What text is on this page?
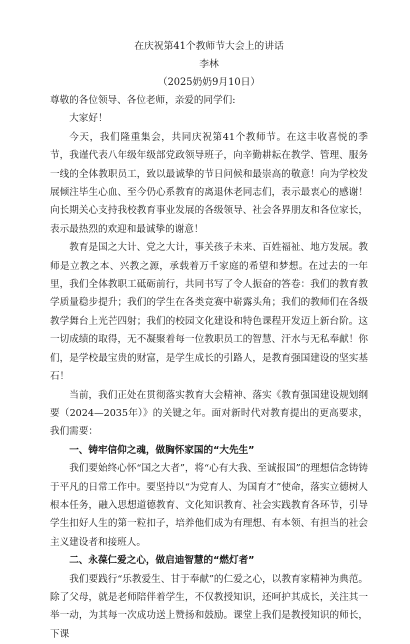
在庆祝第41个教师节大会上的讲话
李林
（2025奶奶9月10日）

尊敬的各位领导、各位老师，亲爱的同学们:

大家好！

今天，我们隆重集会，共同庆祝第41个教师节。在这丰收喜悦的季节，我谨代表八年级年级部党政领导班子，向辛勤耕耘在教学、管理、服务一线的全体教职员工，致以最诚挚的节日问候和最崇高的敬意！向为学校发展倾注毕生心血、至今仍心系教育的离退休老同志们，表示最衷心的感谢！向长期关心支持我校教育事业发展的各级领导、社会各界朋友和各位家长，表示最热烈的欢迎和最诚挚的谢意！

教育是国之大计、党之大计，事关孩子未来、百姓福祉、地方发展。教师是立教之本、兴教之源，承载着万千家庭的希望和梦想。在过去的一年里，我们全体教职工砥砺前行，共同书写了令人振奋的答卷：我们的教育教学质量稳步提升；我们的学生在各类竞赛中崭露头角；我们的教师们在各级教学舞台上光芒四射；我们的校园文化建设和特色课程开发迈上新台阶。这一切成绩的取得，无不凝聚着每一位教职员工的智慧、汗水与无私奉献！你们，是学校最宝贵的财富，是学生成长的引路人，是教育强国建设的坚实基石！

当前，我们正处在贯彻落实教育大会精神、落实《教育强国建设规划纲要（2024—2035年）》的关键之年。面对新时代对教育提出的更高要求，我们需要：

一、铸牢信仰之魂，做胸怀家国的“大先生”

我们要始终心怀“国之大者”，将“心有大我、至诚报国”的理想信念铸铸于平凡的日常工作中。要坚持以“为党育人、为国育才”使命，落实立德树人根本任务，融入思想道德教育、文化知识教育、社会实践教育各环节，引导学生扣好人生的第一粒扣子，培养他们成为有理想、有本领、有担当的社会主义建设者和接班人。

二、永葆仁爱之心，做启迪智慧的“燃灯者”

我们要践行“乐教爱生、甘于奉献”的仁爱之心，以教育家精神为典范。除了父母，就是老师陪伴着学生，不仅教授知识，还呵护其成长，关注其一举一动，为其每一次成功送上赞扬和鼓励。课堂上我们是教授知识的师长，下课
